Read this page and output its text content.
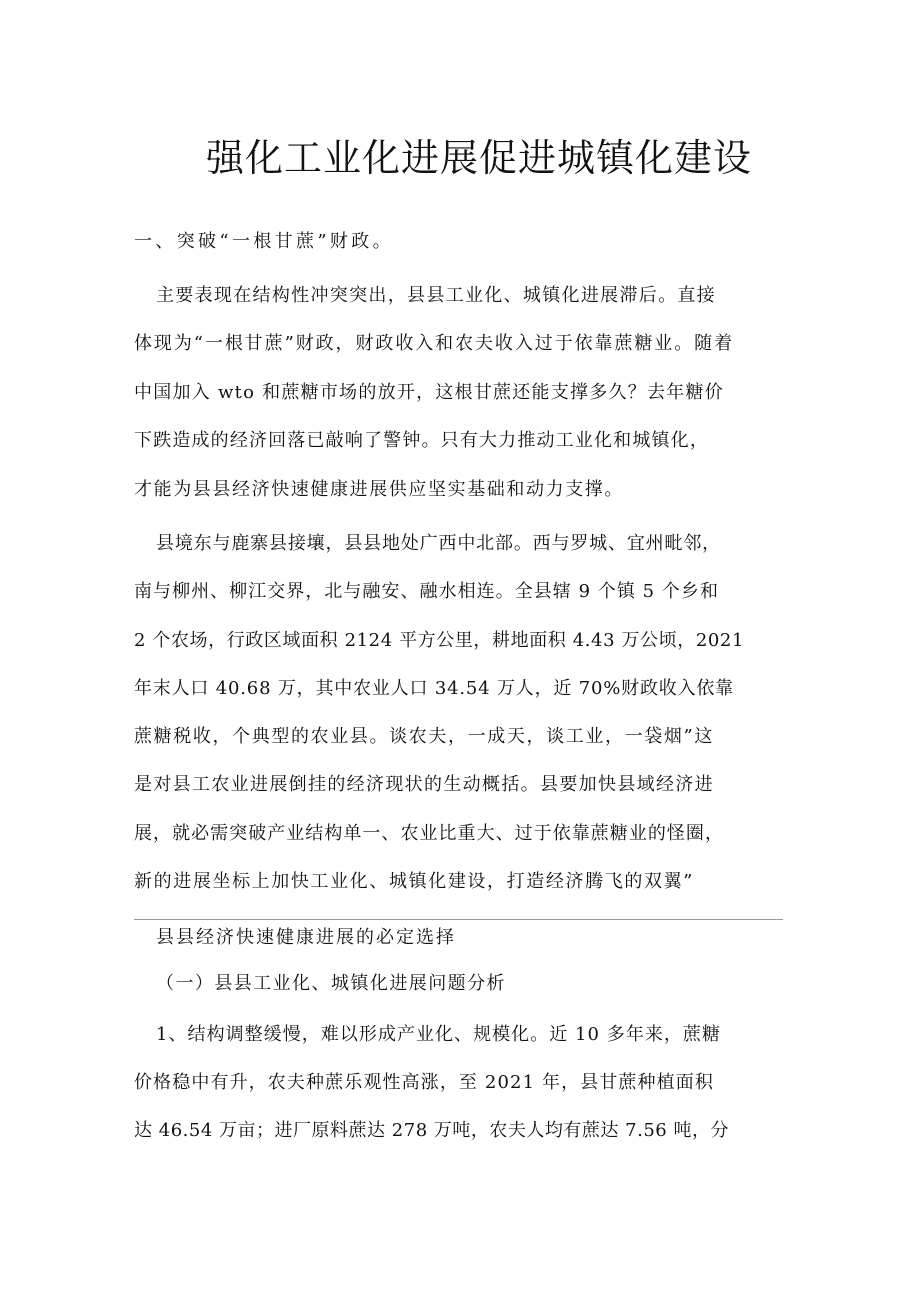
强化工业化进展促进城镇化建设

一、突破“一根甘蔗”财政。

主要表现在结构性冲突突出，县县工业化、城镇化进展滞后。直接

体现为“一根甘蔗”财政，财政收入和农夫收入过于依靠蔗糖业。随着

中国加入 wto 和蔗糖市场的放开，这根甘蔗还能支撑多久？去年糖价

下跌造成的经济回落已敲响了警钟。只有大力推动工业化和城镇化，

才能为县县经济快速健康进展供应坚实基础和动力支撑。

县境东与鹿寨县接壤，县县地处广西中北部。西与罗城、宜州毗邻，

南与柳州、柳江交界，北与融安、融水相连。全县辖 9 个镇 5 个乡和

2 个农场，行政区域面积 2124 平方公里，耕地面积 4.43 万公顷，2021

年末人口 40.68 万，其中农业人口 34.54 万人，近 70%财政收入依靠

蔗糖税收，个典型的农业县。谈农夫，一成天，谈工业，一袋烟”这

是对县工农业进展倒挂的经济现状的生动概括。县要加快县域经济进

展，就必需突破产业结构单一、农业比重大、过于依靠蔗糖业的怪圈，

新的进展坐标上加快工业化、城镇化建设，打造经济腾飞的双翼”

县县经济快速健康进展的必定选择

（一）县县工业化、城镇化进展问题分析

1、结构调整缓慢，难以形成产业化、规模化。近 10 多年来，蔗糖

价格稳中有升，农夫种蔗乐观性高涨，至 2021 年，县甘蔗种植面积

达 46.54 万亩；进厂原料蔗达 278 万吨，农夫人均有蔗达 7.56 吨，分
